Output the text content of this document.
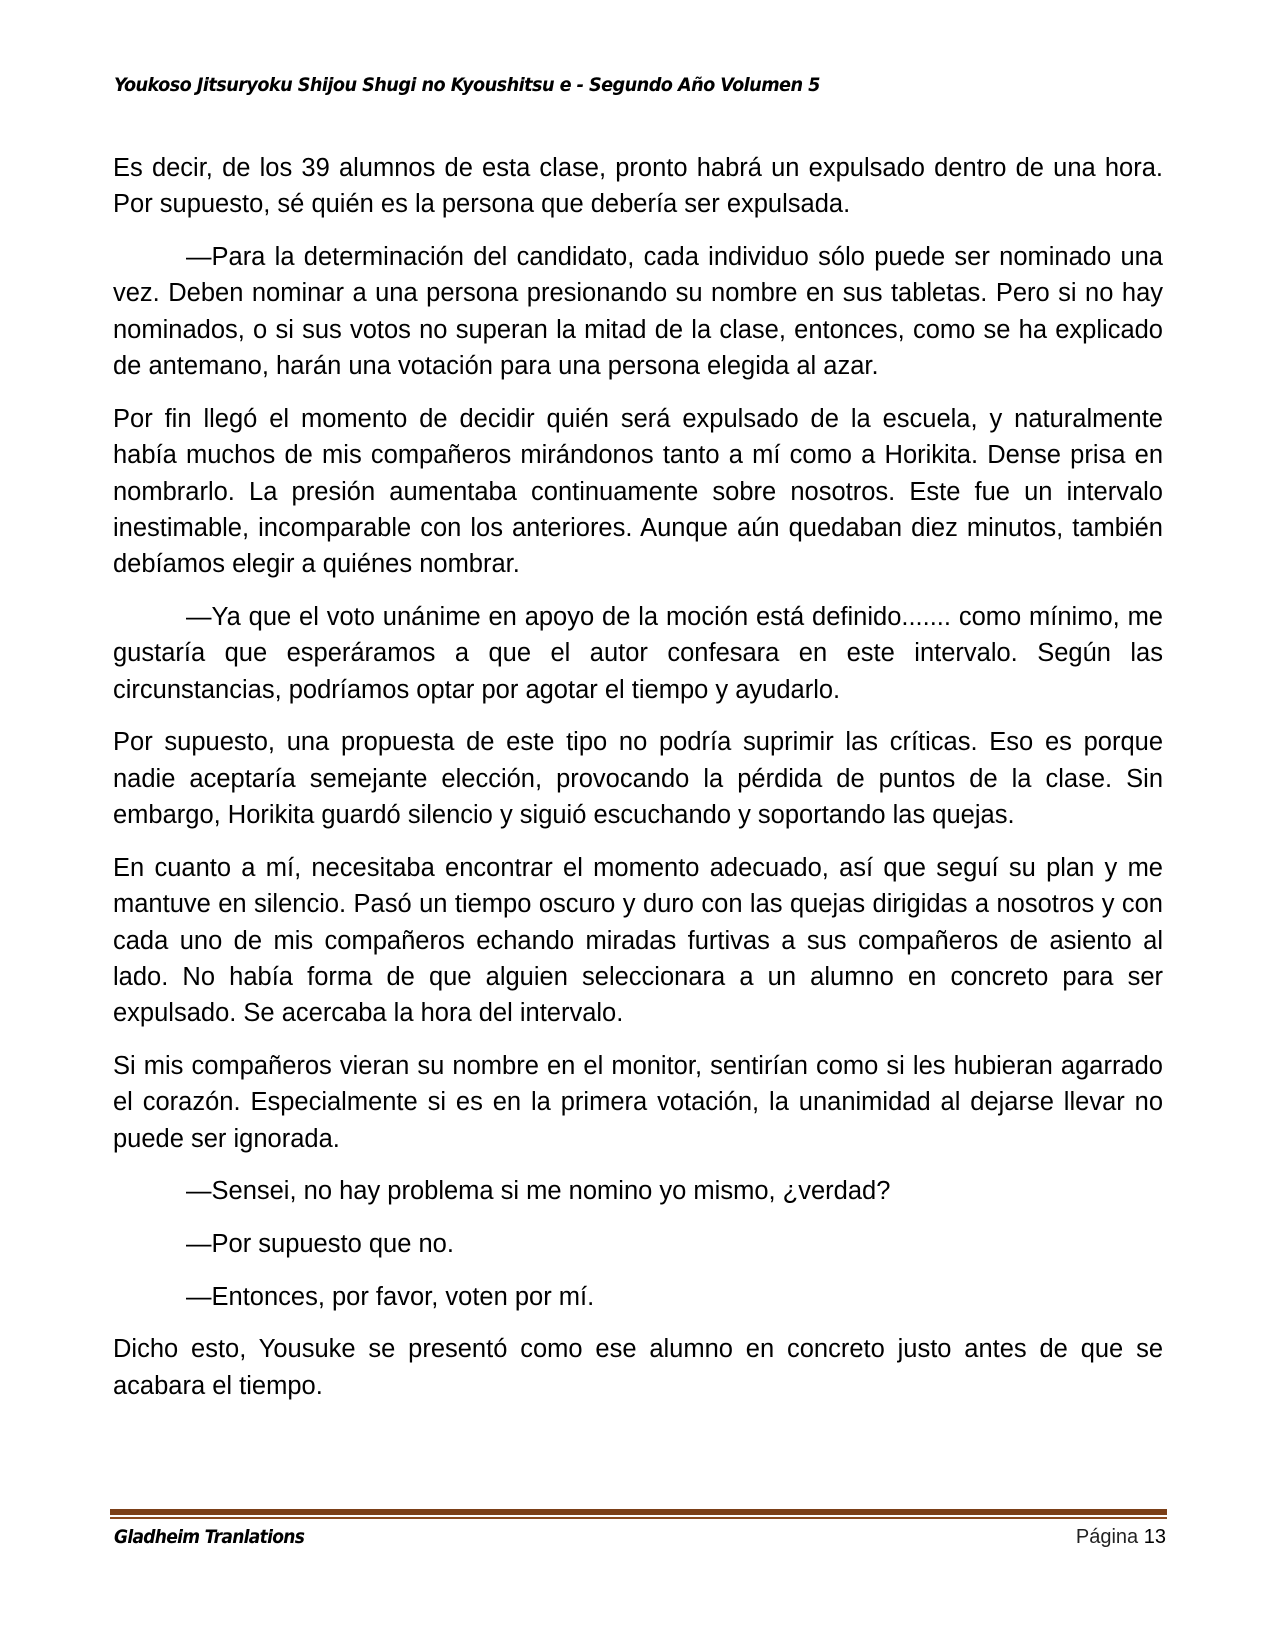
Youkoso Jitsuryoku Shijou Shugi no Kyoushitsu e - Segundo Año Volumen 5

Es decir, de los 39 alumnos de esta clase, pronto habrá un expulsado dentro de una hora. Por supuesto, sé quién es la persona que debería ser expulsada.

—Para la determinación del candidato, cada individuo sólo puede ser nominado una vez. Deben nominar a una persona presionando su nombre en sus tabletas. Pero si no hay nominados, o si sus votos no superan la mitad de la clase, entonces, como se ha explicado de antemano, harán una votación para una persona elegida al azar.

Por fin llegó el momento de decidir quién será expulsado de la escuela, y naturalmente había muchos de mis compañeros mirándonos tanto a mí como a Horikita. Dense prisa en nombrarlo. La presión aumentaba continuamente sobre nosotros. Este fue un intervalo inestimable, incomparable con los anteriores. Aunque aún quedaban diez minutos, también debíamos elegir a quiénes nombrar.

—Ya que el voto unánime en apoyo de la moción está definido....... como mínimo, me gustaría que esperáramos a que el autor confesara en este intervalo. Según las circunstancias, podríamos optar por agotar el tiempo y ayudarlo.

Por supuesto, una propuesta de este tipo no podría suprimir las críticas. Eso es porque nadie aceptaría semejante elección, provocando la pérdida de puntos de la clase. Sin embargo, Horikita guardó silencio y siguió escuchando y soportando las quejas.

En cuanto a mí, necesitaba encontrar el momento adecuado, así que seguí su plan y me mantuve en silencio. Pasó un tiempo oscuro y duro con las quejas dirigidas a nosotros y con cada uno de mis compañeros echando miradas furtivas a sus compañeros de asiento al lado. No había forma de que alguien seleccionara a un alumno en concreto para ser expulsado. Se acercaba la hora del intervalo.

Si mis compañeros vieran su nombre en el monitor, sentirían como si les hubieran agarrado el corazón. Especialmente si es en la primera votación, la unanimidad al dejarse llevar no puede ser ignorada.

—Sensei, no hay problema si me nomino yo mismo, ¿verdad?

—Por supuesto que no.

—Entonces, por favor, voten por mí.

Dicho esto, Yousuke se presentó como ese alumno en concreto justo antes de que se acabara el tiempo.

Gladheim Tranlations	Página 13
